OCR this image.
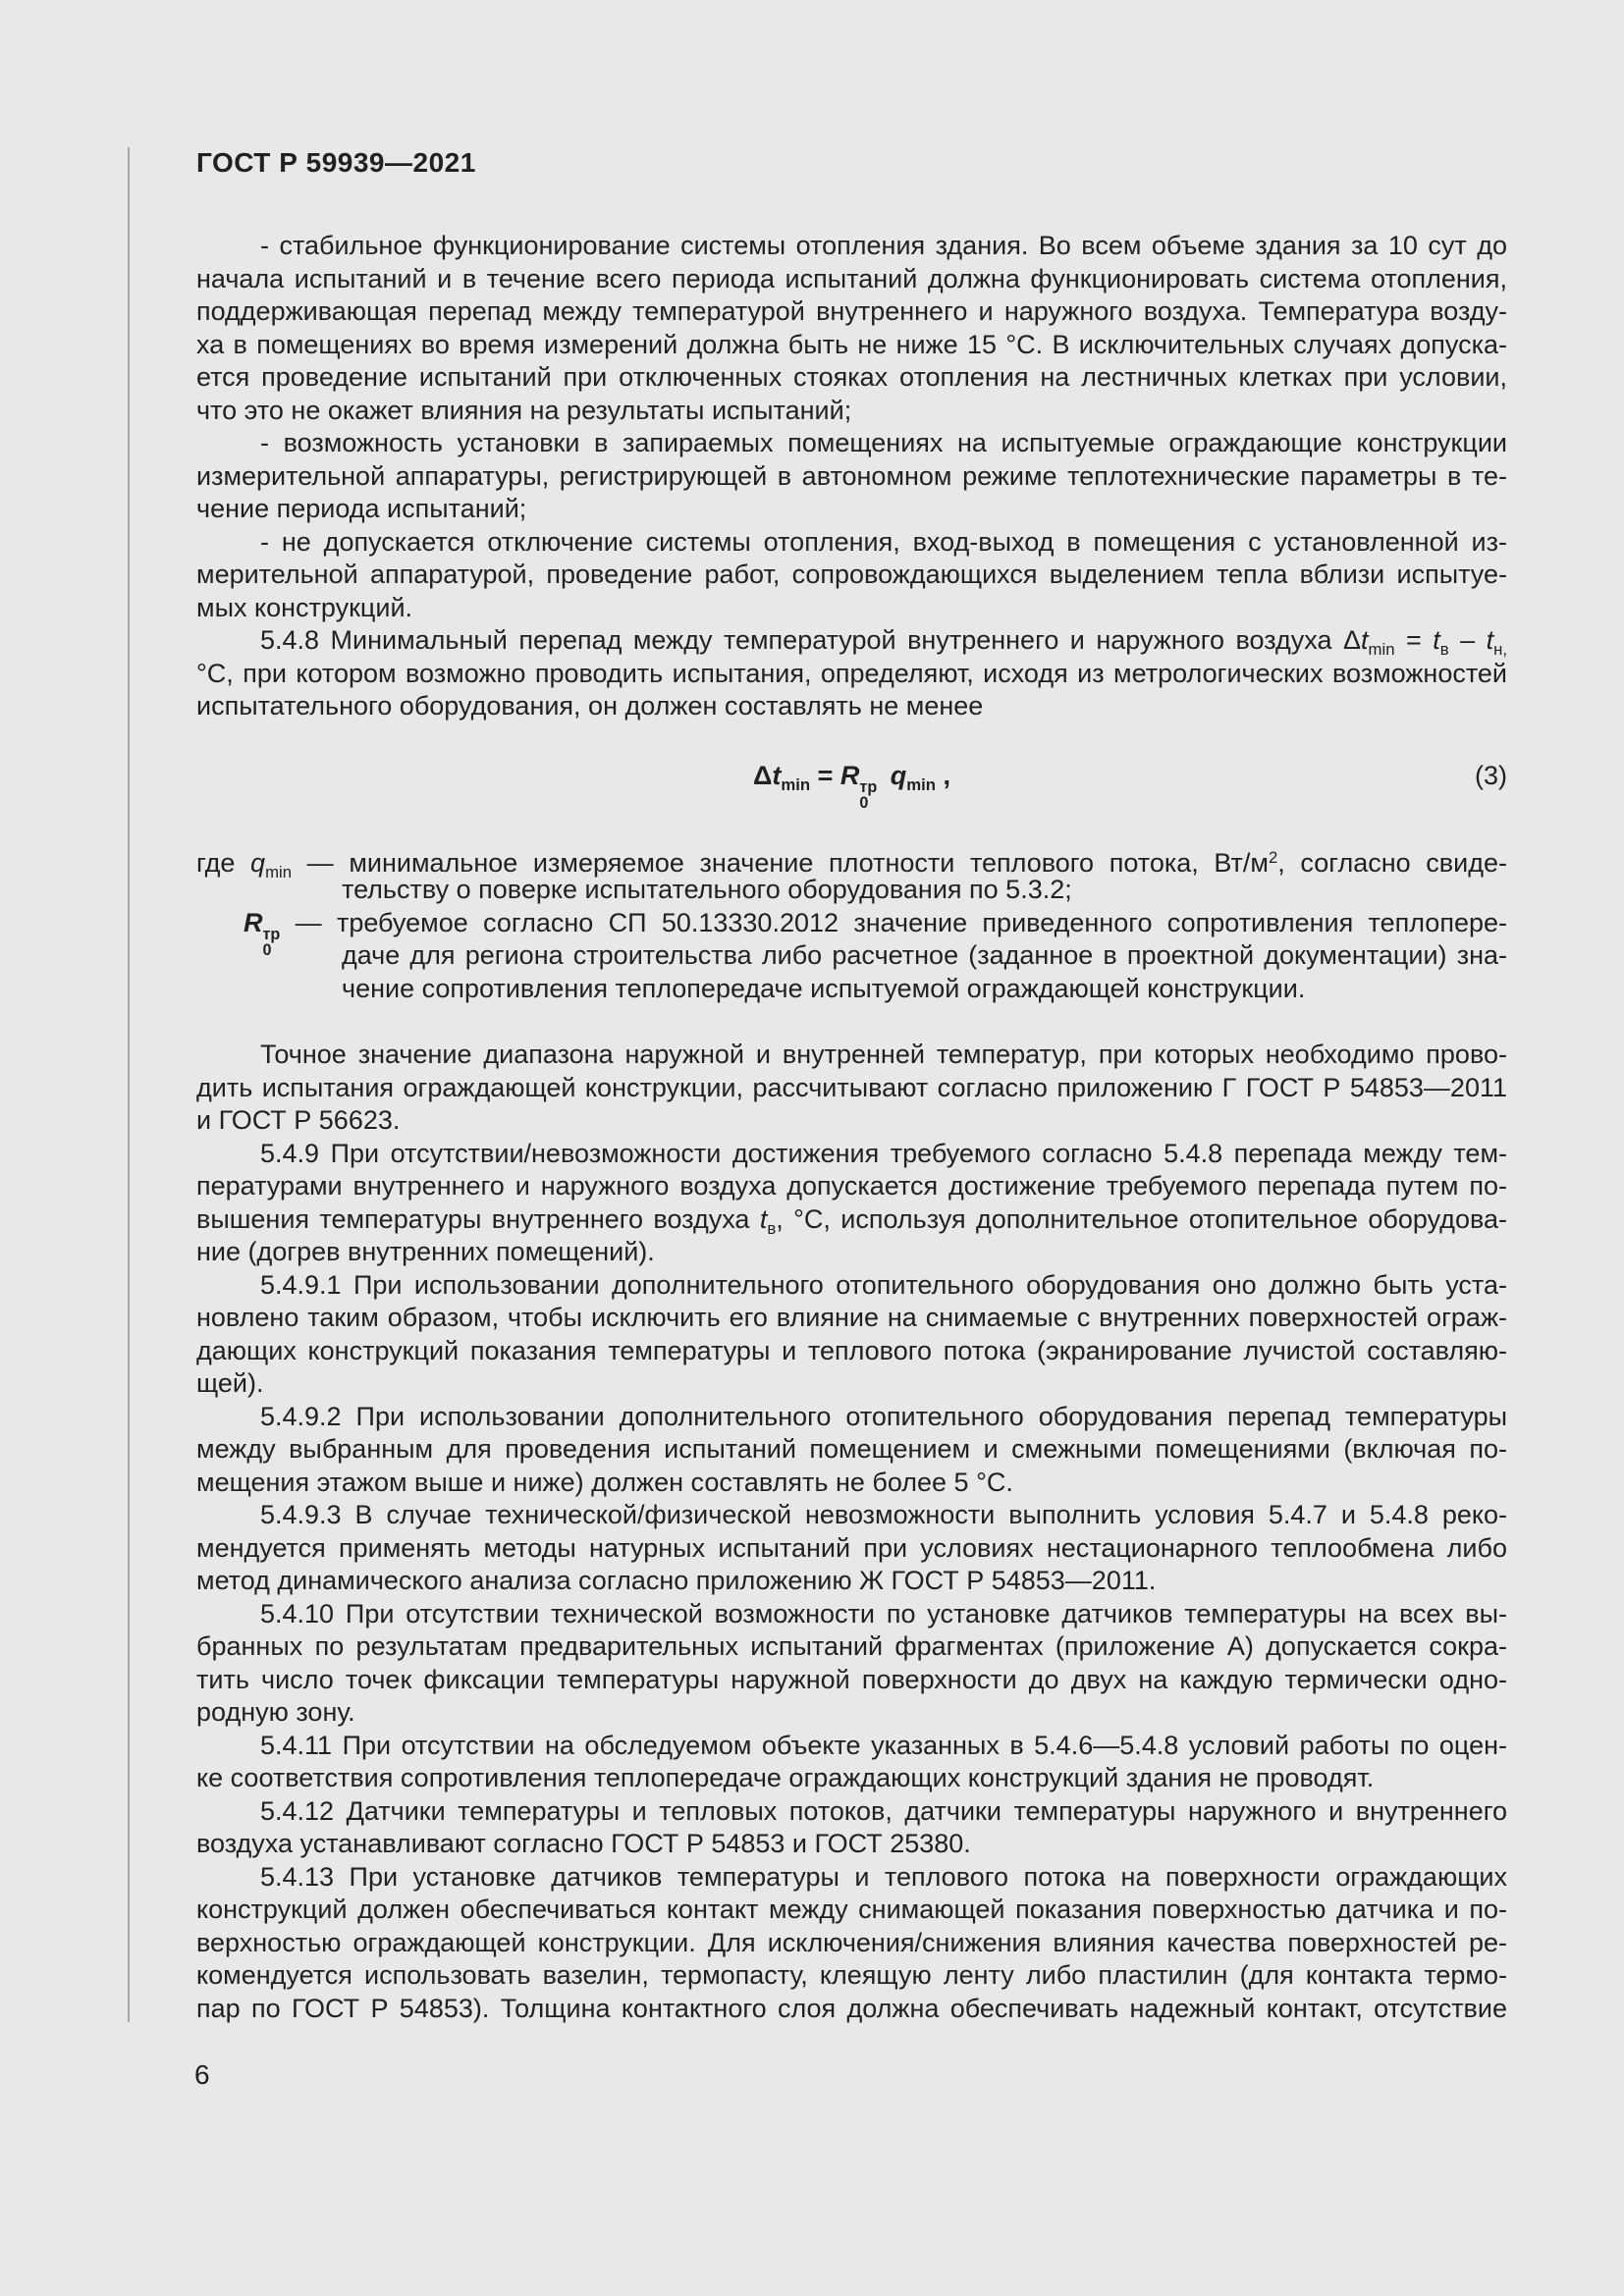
ГОСТ Р 59939—2021
- стабильное функционирование системы отопления здания. Во всем объеме здания за 10 сут до
начала испытаний и в течение всего периода испытаний должна функционировать система отопления,
поддерживающая перепад между температурой внутреннего и наружного воздуха. Температура возду-
ха в помещениях во время измерений должна быть не ниже 15 °С. В исключительных случаях допуска-
ется проведение испытаний при отключенных стояках отопления на лестничных клетках при условии,
что это не окажет влияния на результаты испытаний;
- возможность установки в запираемых помещениях на испытуемые ограждающие конструкции
измерительной аппаратуры, регистрирующей в автономном режиме теплотехнические параметры в те-
чение периода испытаний;
- не допускается отключение системы отопления, вход-выход в помещения с установленной из-
мерительной аппаратурой, проведение работ, сопровождающихся выделением тепла вблизи испытуе-
мых конструкций.
5.4.8 Минимальный перепад между температурой внутреннего и наружного воздуха $\Delta t_{min} = t_в - t_{н,}$
°С, при котором возможно проводить испытания, определяют, исходя из метрологических возможностей
испытательного оборудования, он должен составлять не менее
$\Delta t_{min} = R$ тр
0
 $q_{min}$ ,	(3)
где $q_{min}$ — минимальное измеряемое значение плотности теплового потока, $Вт/м^2$, согласно свиде-
тельству о поверке испытательного оборудования по 5.3.2;
R тр
0
— требуемое согласно СП 50.13330.2012 значение приведенного сопротивления теплопере-
даче для региона строительства либо расчетное (заданное в проектной документации) зна-
чение сопротивления теплопередаче испытуемой ограждающей конструкции.
Точное значение диапазона наружной и внутренней температур, при которых необходимо прово-
дить испытания ограждающей конструкции, рассчитывают согласно приложению Г ГОСТ Р 54853—2011
и ГОСТ Р 56623.
5.4.9 При отсутствии/невозможности достижения требуемого согласно 5.4.8 перепада между тем-
пературами внутреннего и наружного воздуха допускается достижение требуемого перепада путем по-
вышения температуры внутреннего воздуха $t_в$, °С, используя дополнительное отопительное оборудова-
ние (догрев внутренних помещений).
5.4.9.1 При использовании дополнительного отопительного оборудования оно должно быть уста-
новлено таким образом, чтобы исключить его влияние на снимаемые с внутренних поверхностей ограж-
дающих конструкций показания температуры и теплового потока (экранирование лучистой составляю-
щей).
5.4.9.2 При использовании дополнительного отопительного оборудования перепад температуры
между выбранным для проведения испытаний помещением и смежными помещениями (включая по-
мещения этажом выше и ниже) должен составлять не более 5 °С.
5.4.9.3 В случае технической/физической невозможности выполнить условия 5.4.7 и 5.4.8 реко-
мендуется применять методы натурных испытаний при условиях нестационарного теплообмена либо
метод динамического анализа согласно приложению Ж ГОСТ Р 54853—2011.
5.4.10 При отсутствии технической возможности по установке датчиков температуры на всех вы-
бранных по результатам предварительных испытаний фрагментах (приложение А) допускается сокра-
тить число точек фиксации температуры наружной поверхности до двух на каждую термически одно-
родную зону.
5.4.11 При отсутствии на обследуемом объекте указанных в 5.4.6—5.4.8 условий работы по оцен-
ке соответствия сопротивления теплопередаче ограждающих конструкций здания не проводят.
5.4.12 Датчики температуры и тепловых потоков, датчики температуры наружного и внутреннего
воздуха устанавливают согласно ГОСТ Р 54853 и ГОСТ 25380.
5.4.13 При установке датчиков температуры и теплового потока на поверхности ограждающих
конструкций должен обеспечиваться контакт между снимающей показания поверхностью датчика и по-
верхностью ограждающей конструкции. Для исключения/снижения влияния качества поверхностей ре-
комендуется использовать вазелин, термопасту, клеящую ленту либо пластилин (для контакта термо-
пар по ГОСТ Р 54853). Толщина контактного слоя должна обеспечивать надежный контакт, отсутствие
6
